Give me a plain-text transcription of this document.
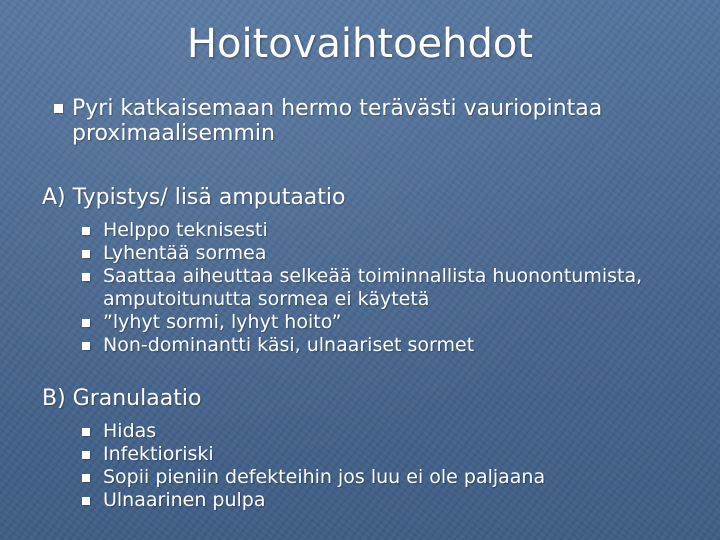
Hoitovaihtoehdot
Pyri katkaisemaan hermo terävästi vauriopintaa proximaalisemmin
A) Typistys/ lisä amputaatio
Helppo teknisesti
Lyhentää sormea
Saattaa aiheuttaa selkeää toiminnallista huonontumista, amputoitunutta sormea ei käytetä
”lyhyt sormi, lyhyt hoito”
Non-dominantti käsi, ulnaariset sormet
B) Granulaatio
Hidas
Infektioriski
Sopii pieniin defekteihin jos luu ei ole paljaana
Ulnaarinen pulpa
